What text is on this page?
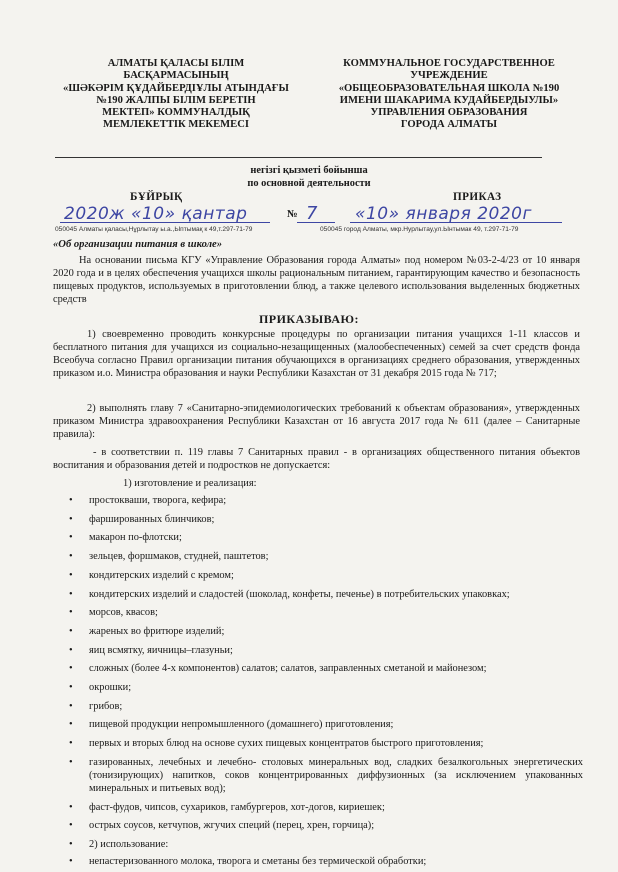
АЛМАТЫ ҚАЛАСЫ БІЛІМ
БАСҚАРМАСЫНЫҢ
«ШӘКӘРІМ ҚҰДАЙБЕРДІҰЛЫ АТЫНДАҒЫ
№190 ЖАЛПЫ БІЛІМ БЕРЕТІН
МЕКТЕП» КОММУНАЛДЫҚ
МЕМЛЕКЕТТІК МЕКЕМЕСІ
КОММУНАЛЬНОЕ ГОСУДАРСТВЕННОЕ
УЧРЕЖДЕНИЕ
«ОБЩЕОБРАЗОВАТЕЛЬНАЯ ШКОЛА №190
ИМЕНИ ШАКАРИМА КУДАЙБЕРДЫУЛЫ»
УПРАВЛЕНИЯ ОБРАЗОВАНИЯ
ГОРОДА АЛМАТЫ
негізгі қызметі бойынша
по основной деятельности
БҰЙРЫҚ	ПРИКАЗ
2020ж «10» қантар	№ 7 «10» января 2020г
050045 Алматы қаласы,Нұрлытау ы.а.,Ыптымақ к 49,т.297-71-79	050045 город Алматы, мкр.Нурлытау,ул.Ынтымак 49, т.297-71-79
«Об организации питания в школе»
На основании письма КГУ «Управление Образования города Алматы» под номером №03-2-4/23 от 10 января 2020 года и в целях обеспечения учащихся школы рациональным питанием, гарантирующим качество и безопасность пищевых продуктов, используемых в приготовлении блюд, а также целевого использования выделенных бюджетных средств
ПРИКАЗЫВАЮ:
1) своевременно проводить конкурсные процедуры по организации питания учащихся 1-11 классов и бесплатного питания для учащихся из социально-незащищенных (малообеспеченных) семей за счет средств фонда Всеобуча согласно Правил организации питания обучающихся в организациях среднего образования, утвержденных приказом и.о. Министра образования и науки Республики Казахстан от 31 декабря 2015 года № 717;
2) выполнять главу 7 «Санитарно-эпидемиологических требований к объектам образования», утвержденных приказом Министра здравоохранения Республики Казахстан от 16 августа 2017 года № 611 (далее – Санитарные правила):
- в соответствии п. 119 главы 7 Санитарных правил - в организациях общественного питания объектов воспитания и образования детей и подростков не допускается:

1) изготовление и реализация:

• простокваши, творога, кефира;

• фаршированных блинчиков;

• макарон по-флотски;

• зельцев, форшмаков, студней, паштетов;

• кондитерских изделий с кремом;

• кондитерских изделий и сладостей (шоколад, конфеты, печенье) в потребительских упаковках;

• морсов, квасов;

• жареных во фритюре изделий;

• яиц всмятку, яичницы–глазуньи;

• сложных (более 4-х компонентов) салатов; салатов, заправленных сметаной и майонезом;

• окрошки;

• грибов;

• пищевой продукции непромышленного (домашнего) приготовления;

• первых и вторых блюд на основе сухих пищевых концентратов быстрого приготовления;

• газированных, лечебных и лечебно- столовых минеральных вод, сладких безалкогольных энергетических (тонизирующих) напитков, соков концентрированных диффузионных (за исключением упакованных минеральных и питьевых вод);

• фаст-фудов, чипсов, сухариков, гамбургеров, хот-догов, кириешек;

• острых соусов, кетчупов, жгучих специй (перец, хрен, горчица);

• 2) использование:

• непастеризованного молока, творога и сметаны без термической обработки;
